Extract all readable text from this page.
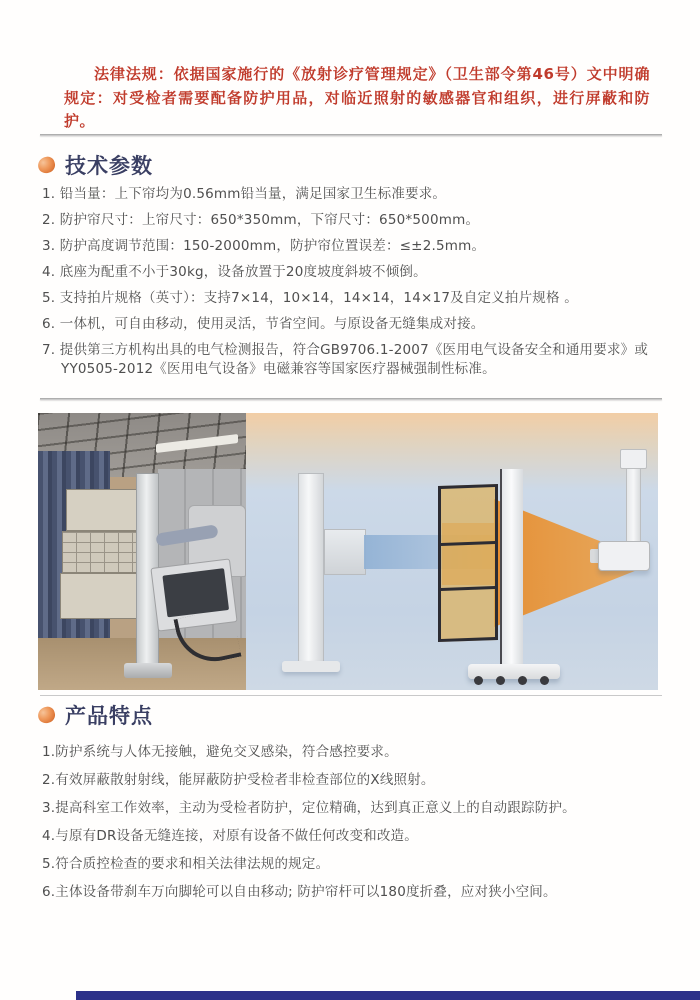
法律法规：依据国家施行的《放射诊疗管理规定》（卫生部令第46号）文中明确规定：对受检者需要配备防护用品，对临近照射的敏感器官和组织，进行屏蔽和防护。

技术参数
1. 铅当量：上下帘均为0.56mm铅当量，满足国家卫生标准要求。
2. 防护帘尺寸：上帘尺寸：650*350mm，下帘尺寸：650*500mm。
3. 防护高度调节范围：150-2000mm，防护帘位置误差：≤±2.5mm。
4. 底座为配重不小于30kg，设备放置于20度坡度斜坡不倾倒。
5. 支持拍片规格（英寸）：支持7×14，10×14，14×14，14×17及自定义拍片规格 。
6. 一体机，可自由移动，使用灵活，节省空间。与原设备无缝集成对接。
7. 提供第三方机构出具的电气检测报告，符合GB9706.1-2007《医用电气设备安全和通用要求》或YY0505-2012《医用电气设备》电磁兼容等国家医疗器械强制性标准。
产品特点
1.防护系统与人体无接触，避免交叉感染，符合感控要求。
2.有效屏蔽散射射线，能屏蔽防护受检者非检查部位的X线照射。
3.提高科室工作效率，主动为受检者防护，定位精确，达到真正意义上的自动跟踪防护。
4.与原有DR设备无缝连接，对原有设备不做任何改变和改造。
5.符合质控检查的要求和相关法律法规的规定。
6.主体设备带刹车万向脚轮可以自由移动; 防护帘杆可以180度折叠，应对狭小空间。
